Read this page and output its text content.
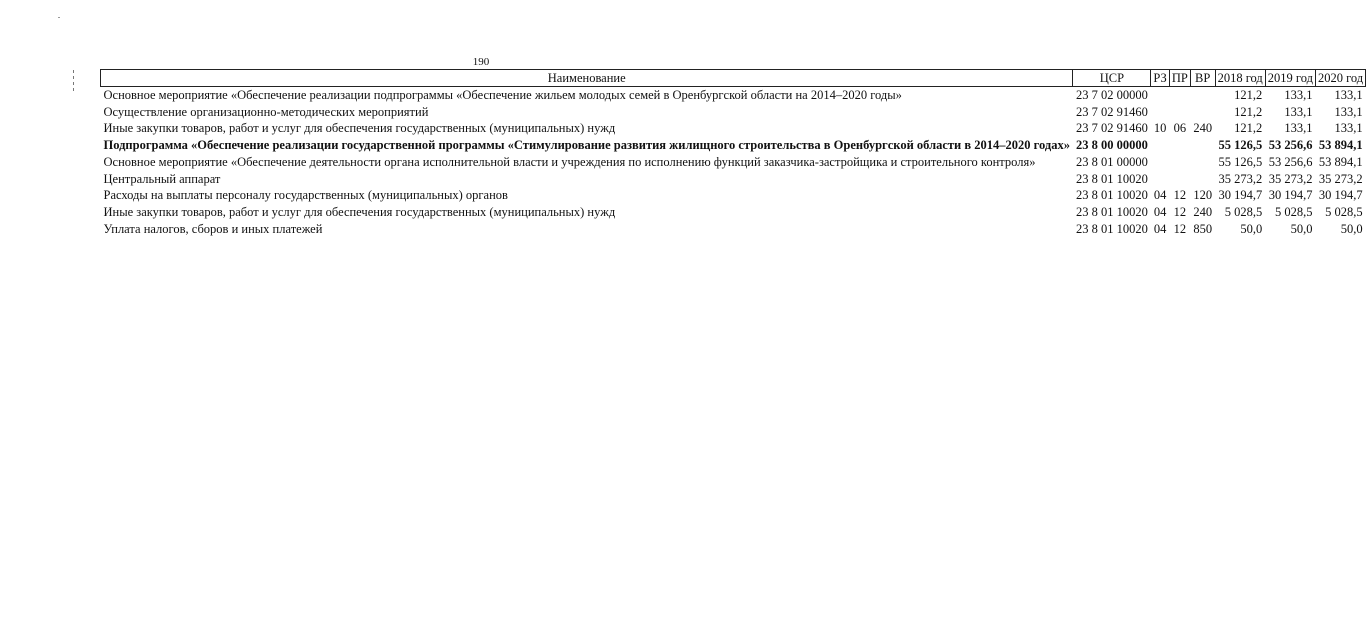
190
Наименование	ЦСР	РЗ	ПР	ВР	2018 год	2019 год	2020 год
Основное мероприятие «Обеспечение реализации подпрограммы «Обеспечение жильем молодых семей в Оренбургской области на 2014–2020 годы»	23 7 02 00000				121,2	133,1	133,1
Осуществление организационно-методических мероприятий	23 7 02 91460				121,2	133,1	133,1
Иные закупки товаров, работ и услуг для обеспечения государственных (муниципальных) нужд	23 7 02 91460	10	06	240	121,2	133,1	133,1
Подпрограмма «Обеспечение реализации государственной программы «Стимулирование развития жилищного строительства в Оренбургской области в 2014–2020 годах»	23 8 00 00000				55 126,5	53 256,6	53 894,1
Основное мероприятие «Обеспечение деятельности органа исполнительной власти и учреждения по исполнению функций заказчика-застройщика и строительного контроля»	23 8 01 00000				55 126,5	53 256,6	53 894,1
Центральный аппарат	23 8 01 10020				35 273,2	35 273,2	35 273,2
Расходы на выплаты персоналу государственных (муниципальных) органов	23 8 01 10020	04	12	120	30 194,7	30 194,7	30 194,7
Иные закупки товаров, работ и услуг для обеспечения государственных (муниципальных) нужд	23 8 01 10020	04	12	240	5 028,5	5 028,5	5 028,5
Уплата налогов, сборов и иных платежей	23 8 01 10020	04	12	850	50,0	50,0	50,0
